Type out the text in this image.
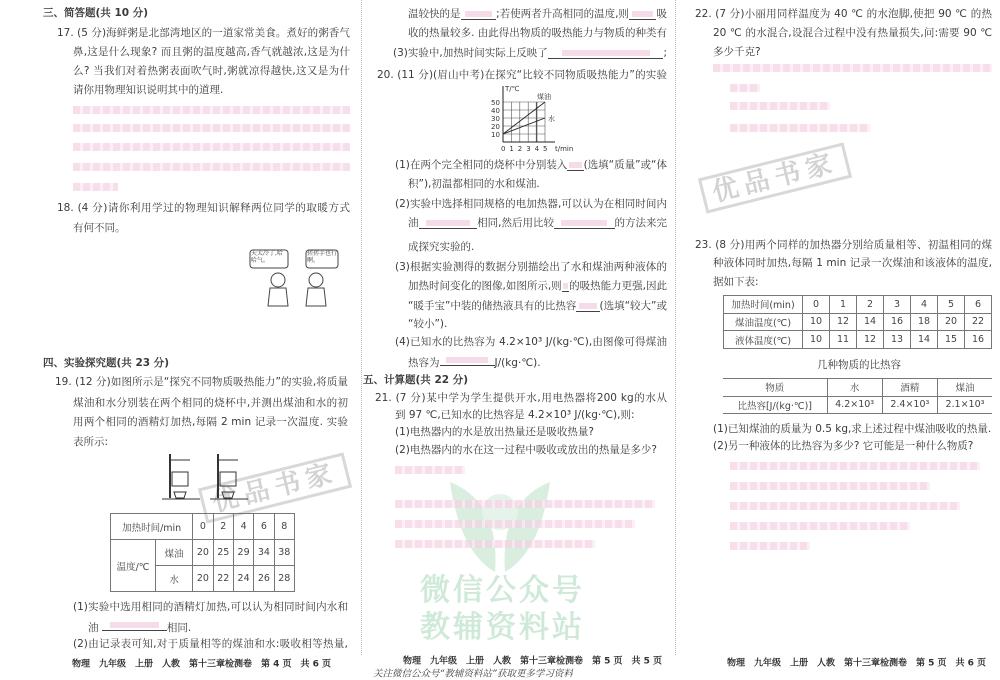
优品书家
优品书家
微信公众号
教辅资料站
三、简答题(共 10 分)
17. (5 分)海鲜粥是北部湾地区的一道家常美食。煮好的粥香气
鼻,这是什么现象? 而且粥的温度越高,香气就越浓,这是为什
么? 当我们对着热粥表面吹气时,粥就凉得越快,这又是为什
请你用物理知识说明其中的道理.
18. (4 分)请你利用学过的物理知识解释两位同学的取暖方式
有何不同。
天太冷了,哈哈气。
搓搓手也行啊。
四、实验探究题(共 23 分)
19. (12 分)如图所示是“探究不同物质吸热能力”的实验,将质量
煤油和水分别装在两个相同的烧杯中,并测出煤油和水的初
用两个相同的酒精灯加热,每隔 2 min 记录一次温度. 实验
表所示:
加热时间/min		0	2	4	6	8
温度/℃	煤油	20	25	29	34	38
	水	20	22	24	26	28
(1)实验中选用相同的酒精灯加热,可以认为相同时间内水和
油	相同.
(2)由记录表可知,对于质量相等的煤油和水:吸收相等热量,
物理　九年级　上册　人教　第十三章检测卷　第 4 页　共 6 页
温较快的是	;若使两者升高相同的温度,则	吸
收的热量较多. 由此得出物质的吸热能力与物质的种类有
(3)实验中,加热时间实际上反映了	;
20. (11 分)(眉山中考)在探究“比较不同物质吸热能力”的实验
10
20
30
40
50
0 1 2 3 4 5
T/℃
t/min
煤油
水
(1)在两个完全相同的烧杯中分别装入 (选填“质量”或“体
积”),初温都相同的水和煤油.
(2)实验中选择相同规格的电加热器,可以认为在相同时间内
油	相同,然后用比较	的方法来完
成探究实验的.
(3)根据实验测得的数据分别描绘出了水和煤油两种液体的
加热时间变化的图像,如图所示,则 的吸热能力更强,因此
“暖手宝”中装的储热液具有的比热容 (选填“较大”或
“较小”).
(4)已知水的比热容为 4.2×10³ J/(kg·℃),由图像可得煤油
热容为	J/(kg·℃).
五、计算题(共 22 分)
21. (7 分)某中学为学生提供开水,用电热器将200 kg的水从
到 97 ℃,已知水的比热容是 4.2×10³ J/(kg·℃),则:
(1)电热器内的水是放出热量还是吸收热量?
(2)电热器内的水在这一过程中吸收或放出的热量是多少?
物理　九年级　上册　人教　第十三章检测卷　第 5 页　共 5 页
关注微信公众号“教辅资料站”获取更多学习资料
22. (7 分)小丽用同样温度为 40 ℃ 的水泡脚,使把 90 ℃ 的热
20 ℃ 的水混合,设混合过程中没有热量损失,问:需要 90 ℃
多少千克?
23. (8 分)用两个同样的加热器分别给质量相等、初温相同的煤
种液体同时加热,每隔 1 min 记录一次煤油和该液体的温度,
据如下表:
加热时间(min)	0	1	2	3	4	5	6
煤油温度(℃)	10	12	14	16	18	20	22
液体温度(℃)	10	11	12	13	14	15	16
几种物质的比热容
物质	水	酒精	煤油
比热容[J/(kg·℃)]	4.2×10³	2.4×10³	2.1×10³
(1)已知煤油的质量为 0.5 kg,求上述过程中煤油吸收的热量.
(2)另一种液体的比热容为多少? 它可能是一种什么物质?
物理　九年级　上册　人教　第十三章检测卷　第 5 页　共 6 页
